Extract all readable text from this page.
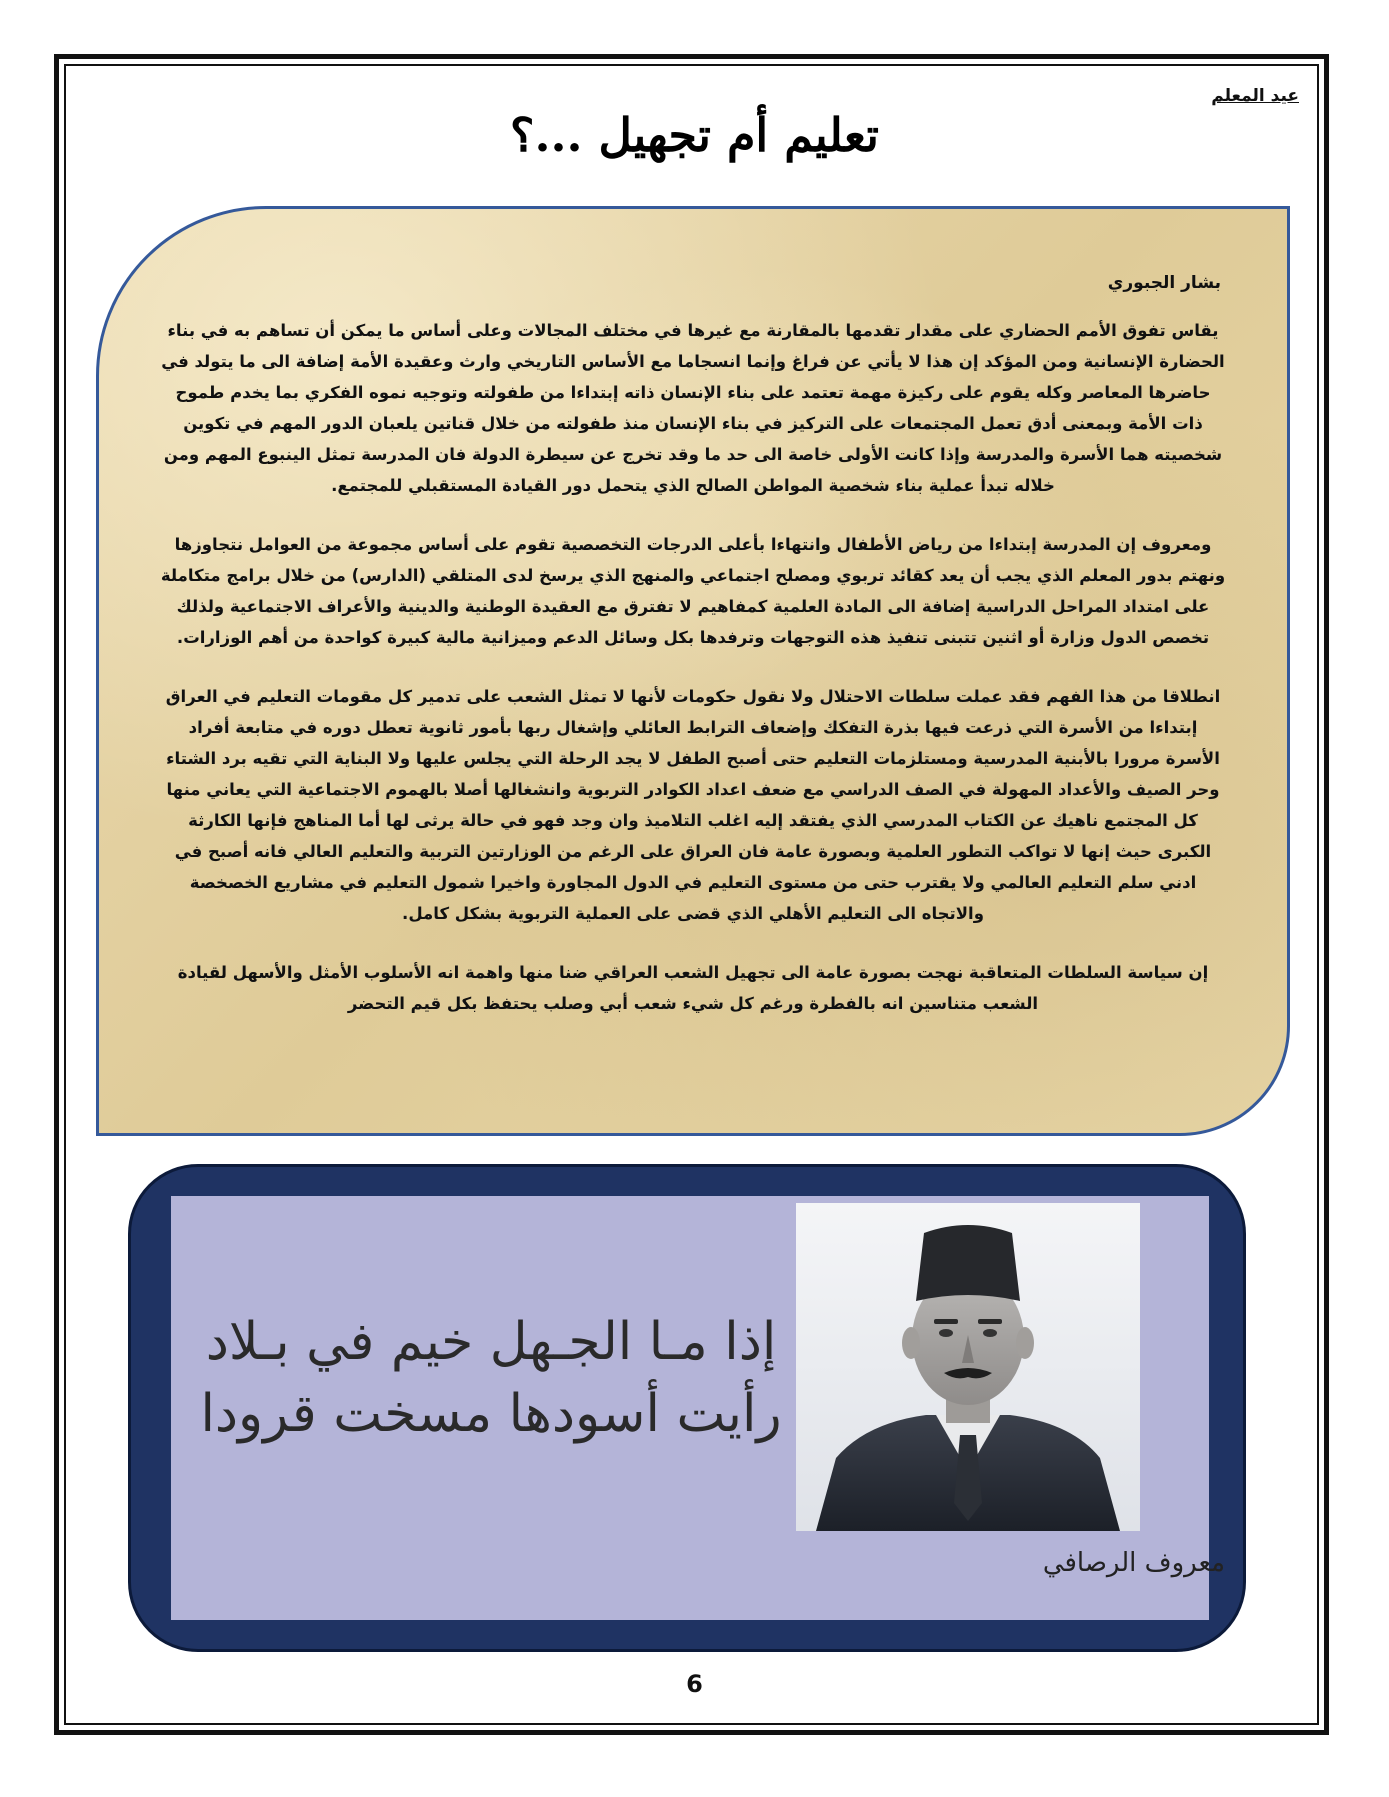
عيد المعلم
تعليم أم تجهيل ...؟
بشار الجبوري

يقاس تفوق الأمم الحضاري على مقدار تقدمها بالمقارنة مع غيرها في مختلف المجالات وعلى أساس ما يمكن أن تساهم به في بناء الحضارة الإنسانية ومن المؤكد إن هذا لا يأتي عن فراغ وإنما انسجاما مع الأساس التاريخي وارث وعقيدة الأمة إضافة الى ما يتولد في حاضرها المعاصر وكله يقوم على ركيزة مهمة تعتمد على بناء الإنسان ذاته إبتداءا من طفولته وتوجيه نموه الفكري بما يخدم طموح ذات الأمة وبمعنى أدق تعمل المجتمعات على التركيز في بناء الإنسان منذ طفولته من خلال قناتين يلعبان الدور المهم في تكوين شخصيته هما الأسرة والمدرسة وإذا كانت الأولى خاصة الى حد ما وقد تخرج عن سيطرة الدولة فان المدرسة تمثل الينبوع المهم ومن خلاله تبدأ عملية بناء شخصية المواطن الصالح الذي يتحمل دور القيادة المستقبلي للمجتمع.

ومعروف إن المدرسة إبتداءا من رياض الأطفال وانتهاءا بأعلى الدرجات التخصصية تقوم على أساس مجموعة من العوامل نتجاوزها ونهتم بدور المعلم الذي يجب أن يعد كقائد تربوي ومصلح اجتماعي والمنهج الذي يرسخ لدى المتلقي (الدارس) من خلال برامج متكاملة على امتداد المراحل الدراسية إضافة الى المادة العلمية كمفاهيم لا تفترق مع العقيدة الوطنية والدينية والأعراف الاجتماعية ولذلك تخصص الدول وزارة أو اثنين تتبنى تنفيذ هذه التوجهات وترفدها بكل وسائل الدعم وميزانية مالية كبيرة كواحدة من أهم الوزارات.

انطلاقا من هذا الفهم فقد عملت سلطات الاحتلال ولا نقول حكومات لأنها لا تمثل الشعب على تدمير كل مقومات التعليم في العراق إبتداءا من الأسرة التي ذرعت فيها بذرة التفكك وإضعاف الترابط العائلي وإشغال ربها بأمور ثانوية تعطل دوره في متابعة أفراد الأسرة مرورا بالأبنية المدرسية ومستلزمات التعليم حتى أصبح الطفل لا يجد الرحلة التي يجلس عليها ولا البناية التي تقيه برد الشتاء وحر الصيف والأعداد المهولة في الصف الدراسي مع ضعف اعداد الكوادر التربوية وانشغالها أصلا بالهموم الاجتماعية التي يعاني منها كل المجتمع ناهيك عن الكتاب المدرسي الذي يفتقد إليه اغلب التلاميذ وان وجد فهو في حالة يرثى لها أما المناهج فإنها الكارثة الكبرى حيث إنها لا تواكب التطور العلمية وبصورة عامة فان العراق على الرغم من الوزارتين التربية والتعليم العالي فانه أصبح في ادني سلم التعليم العالمي ولا يقترب حتى من مستوى التعليم في الدول المجاورة واخيرا شمول التعليم في مشاريع الخصخصة والاتجاه الى التعليم الأهلي الذي قضى على العملية التربوية بشكل كامل.

إن سياسة السلطات المتعاقبة نهجت بصورة عامة الى تجهيل الشعب العراقي ضنا منها واهمة انه الأسلوب الأمثل والأسهل لقيادة الشعب متناسين انه بالفطرة ورغم كل شيء شعب أبي وصلب يحتفظ بكل قيم التحضر

إذا مـا الجـهل خيم في بـلاد

رأيت أسودها مسخت قرودا

معروف الرصافي
6
